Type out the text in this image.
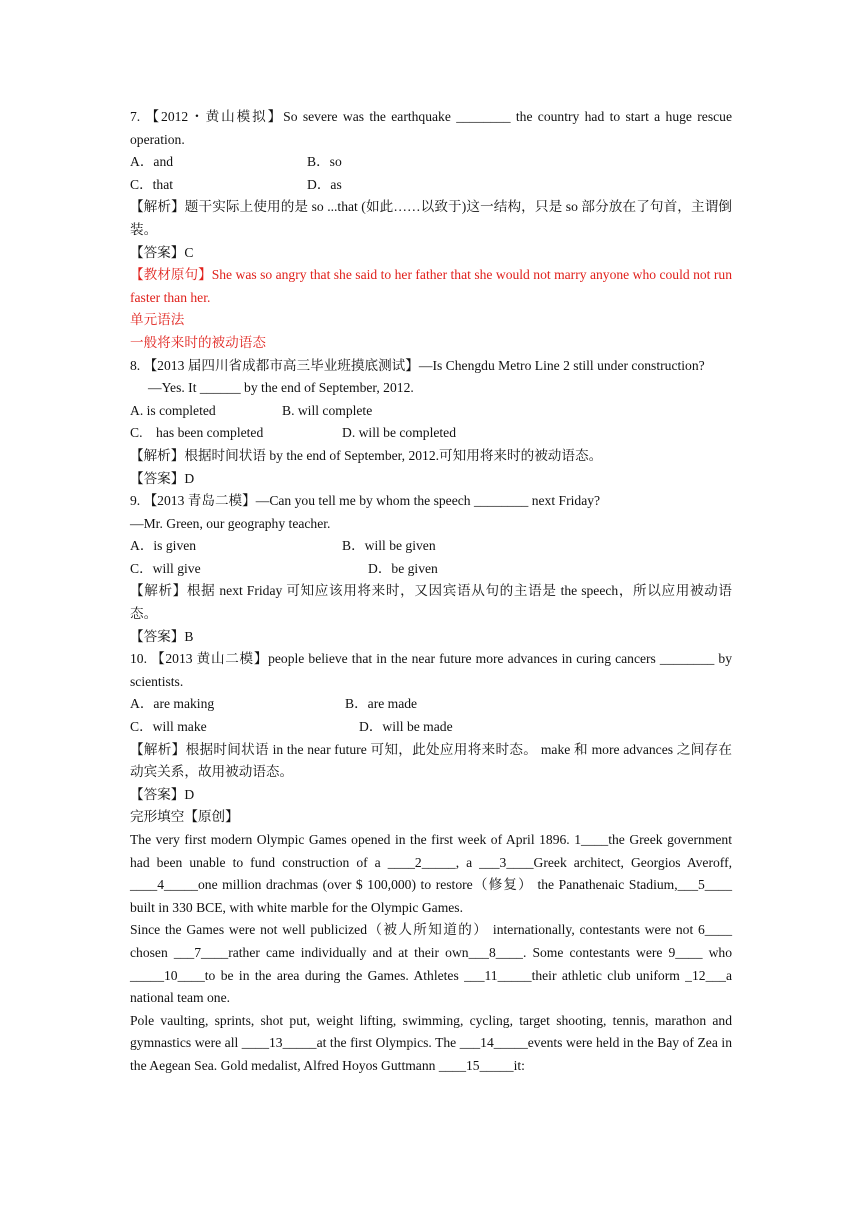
7. 【2012・黄山模拟】So severe was the earthquake ________ the country had to start a huge rescue operation.
A．and	B．so
C．that	D．as
【解析】题干实际上使用的是 so ...that (如此……以致于)这一结构，只是 so 部分放在了句首，主谓倒装。
【答案】C
【教材原句】She was so angry that she said to her father that she would not marry anyone who could not run faster than her.
单元语法
一般将来时的被动语态
8. 【2013 届四川省成都市高三毕业班摸底测试】—Is Chengdu Metro Line 2 still under construction?
—Yes. It ______ by the end of September, 2012.
A. is completed	B. will complete
C.    has been completed	D. will be completed
【解析】根据时间状语 by the end of September, 2012.可知用将来时的被动语态。
【答案】D
9. 【2013 青岛二模】—Can you tell me by whom the speech ________ next Friday?
—Mr. Green, our geography teacher.
A．is given	B．will be given
C．will give	D．be given
【解析】根据 next Friday 可知应该用将来时，又因宾语从句的主语是 the speech，所以应用被动语态。
【答案】B
10. 【2013 黄山二模】people believe that in the near future more advances in curing cancers ________ by scientists.
A．are making	B．are made
C．will make	D．will be made
【解析】根据时间状语 in the near future 可知，此处应用将来时态。 make 和 more advances 之间存在动宾关系，故用被动语态。
【答案】D
完形填空【原创】
The very first modern Olympic Games opened in the first week of April 1896. 1____the Greek government had been unable to fund construction of a ____2_____, a ___3____Greek architect, Georgios Averoff, ____4_____one million drachmas (over $ 100,000) to restore（修复） the Panathenaic Stadium,___5____ built in 330 BCE, with white marble for the Olympic Games.
Since the Games were not well publicized（被人所知道的） internationally, contestants were not 6____ chosen ___7____rather came individually and at their own___8____. Some contestants were 9____ who _____10____to be in the area during the Games. Athletes ___11_____their athletic club uniform _12___a national team one.
Pole vaulting, sprints, shot put, weight lifting, swimming, cycling, target shooting, tennis, marathon and gymnastics were all ____13_____at the first Olympics. The ___14_____events were held in the Bay of Zea in the Aegean Sea. Gold medalist, Alfred Hoyos Guttmann ____15_____it:
